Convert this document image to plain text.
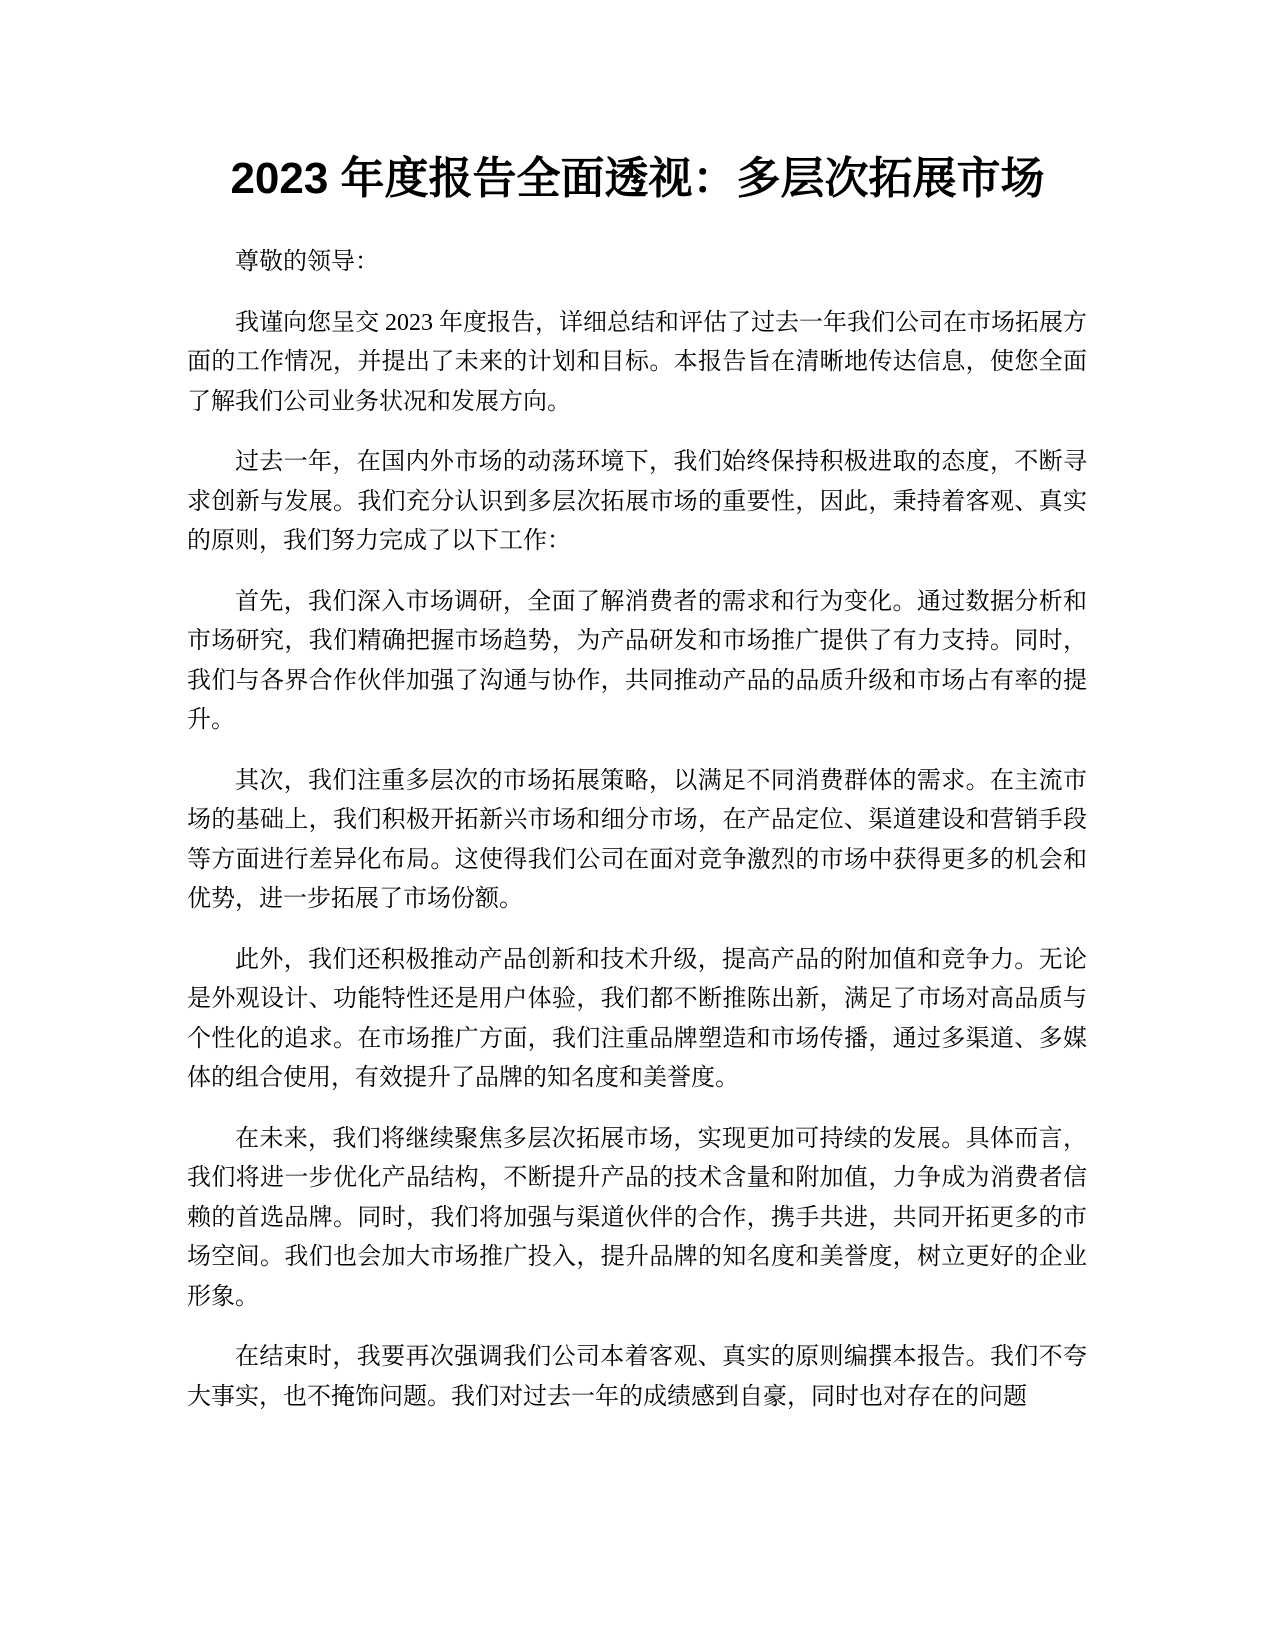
2023 年度报告全面透视：多层次拓展市场

尊敬的领导：

我谨向您呈交 2023 年度报告，详细总结和评估了过去一年我们公司在市场拓展方面的工作情况，并提出了未来的计划和目标。本报告旨在清晰地传达信息，使您全面了解我们公司业务状况和发展方向。

过去一年，在国内外市场的动荡环境下，我们始终保持积极进取的态度，不断寻求创新与发展。我们充分认识到多层次拓展市场的重要性，因此，秉持着客观、真实的原则，我们努力完成了以下工作：

首先，我们深入市场调研，全面了解消费者的需求和行为变化。通过数据分析和市场研究，我们精确把握市场趋势，为产品研发和市场推广提供了有力支持。同时，我们与各界合作伙伴加强了沟通与协作，共同推动产品的品质升级和市场占有率的提升。

其次，我们注重多层次的市场拓展策略，以满足不同消费群体的需求。在主流市场的基础上，我们积极开拓新兴市场和细分市场，在产品定位、渠道建设和营销手段等方面进行差异化布局。这使得我们公司在面对竞争激烈的市场中获得更多的机会和优势，进一步拓展了市场份额。

此外，我们还积极推动产品创新和技术升级，提高产品的附加值和竞争力。无论是外观设计、功能特性还是用户体验，我们都不断推陈出新，满足了市场对高品质与个性化的追求。在市场推广方面，我们注重品牌塑造和市场传播，通过多渠道、多媒体的组合使用，有效提升了品牌的知名度和美誉度。

在未来，我们将继续聚焦多层次拓展市场，实现更加可持续的发展。具体而言，我们将进一步优化产品结构，不断提升产品的技术含量和附加值，力争成为消费者信赖的首选品牌。同时，我们将加强与渠道伙伴的合作，携手共进，共同开拓更多的市场空间。我们也会加大市场推广投入，提升品牌的知名度和美誉度，树立更好的企业形象。

在结束时，我要再次强调我们公司本着客观、真实的原则编撰本报告。我们不夸大事实，也不掩饰问题。我们对过去一年的成绩感到自豪，同时也对存在的问题
